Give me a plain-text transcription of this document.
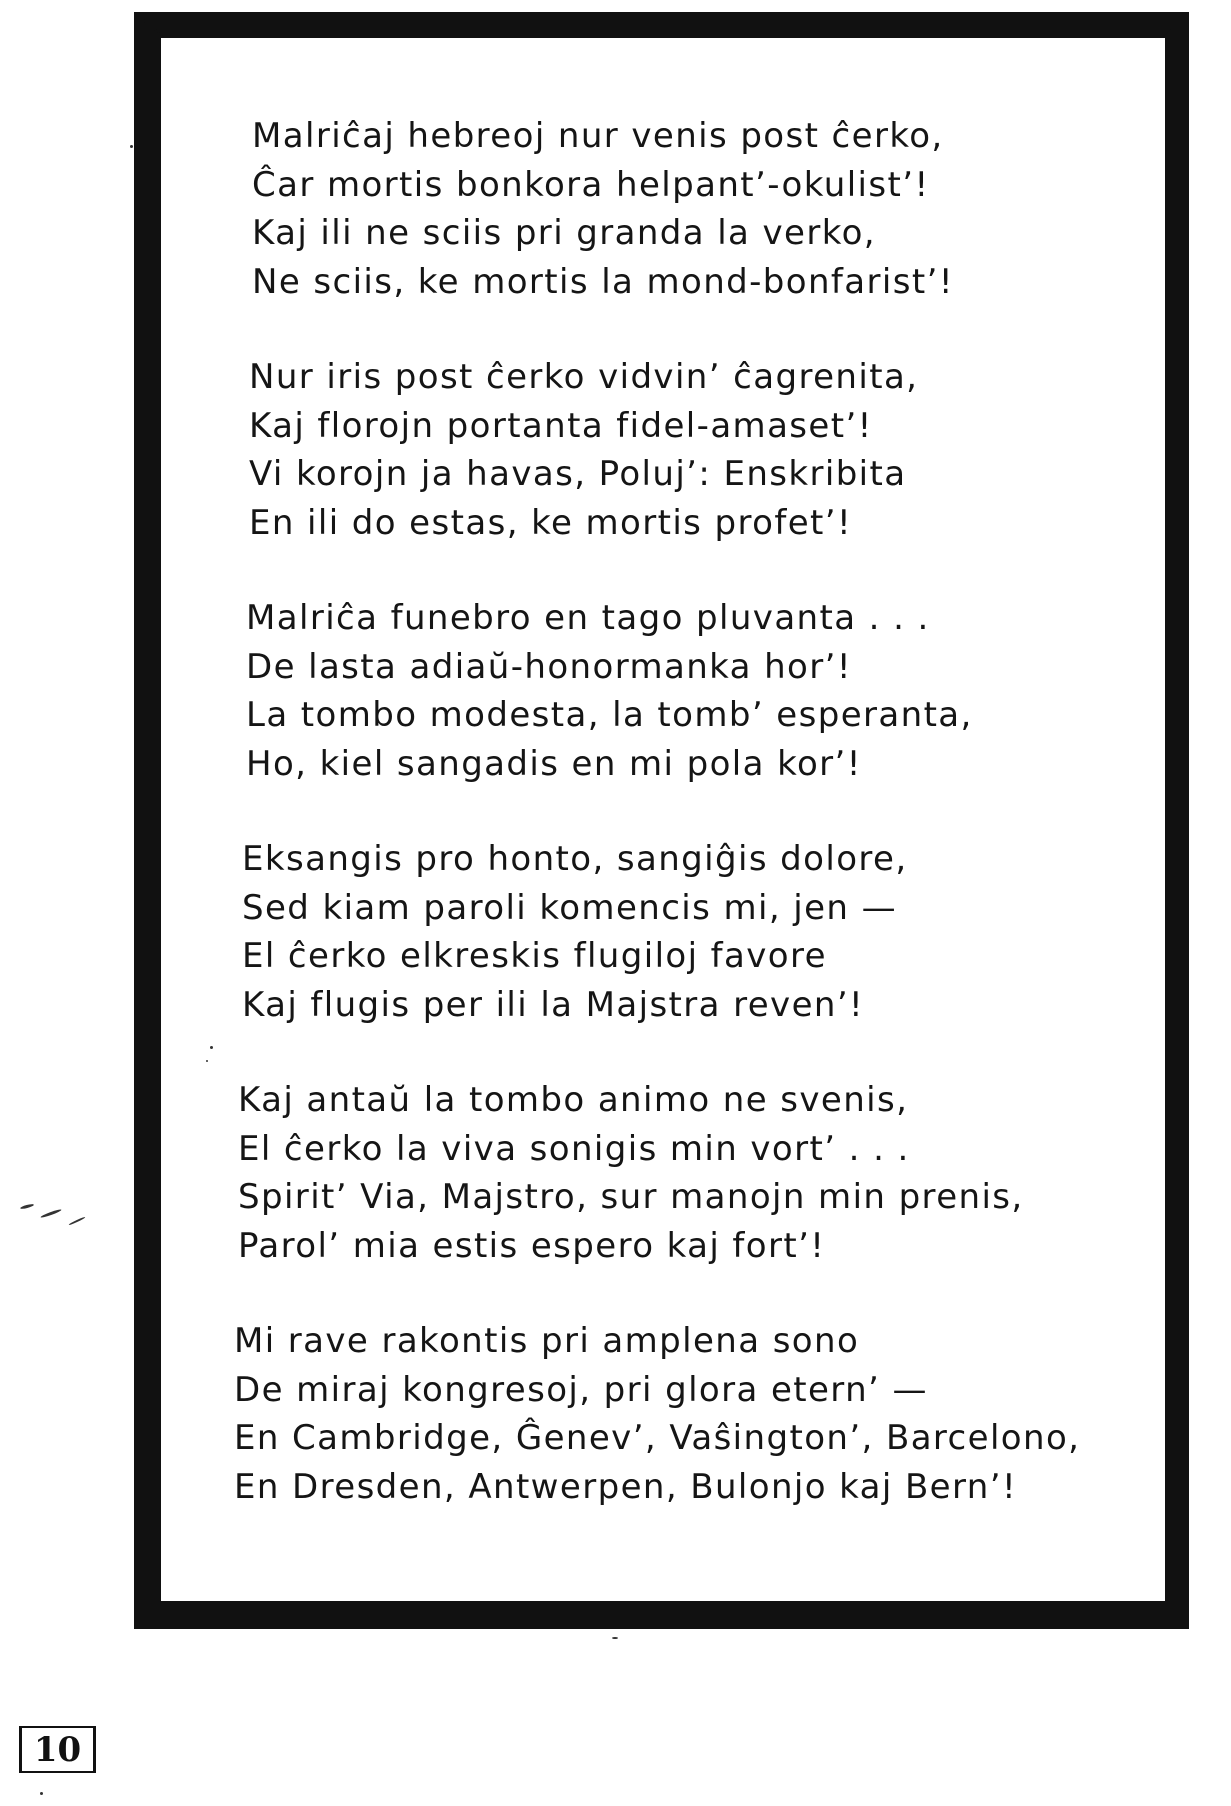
Malriĉaj hebreoj nur venis post ĉerko,
Ĉar mortis bonkora helpant’-okulist’!
Kaj ili ne sciis pri granda la verko,
Ne sciis, ke mortis la mond-bonfarist’!
Nur iris post ĉerko vidvin’ ĉagrenita,
Kaj florojn portanta fidel-amaset’!
Vi korojn ja havas, Poluj’: Enskribita
En ili do estas, ke mortis profet’!
Malriĉa funebro en tago pluvanta . . .
De lasta adiaŭ-honormanka hor’!
La tombo modesta, la tomb’ esperanta,
Ho, kiel sangadis en mi pola kor’!
Eksangis pro honto, sangiĝis dolore,
Sed kiam paroli komencis mi, jen —
El ĉerko elkreskis flugiloj favore
Kaj flugis per ili la Majstra reven’!
Kaj antaŭ la tombo animo ne svenis,
El ĉerko la viva sonigis min vort’ . . .
Spirit’ Via, Majstro, sur manojn min prenis,
Parol’ mia estis espero kaj fort’!
Mi rave rakontis pri amplena sono
De miraj kongresoj, pri glora etern’ —
En Cambridge, Ĝenev’, Vaŝington’, Barcelono,
En Dresden, Antwerpen, Bulonjo kaj Bern’!
10
